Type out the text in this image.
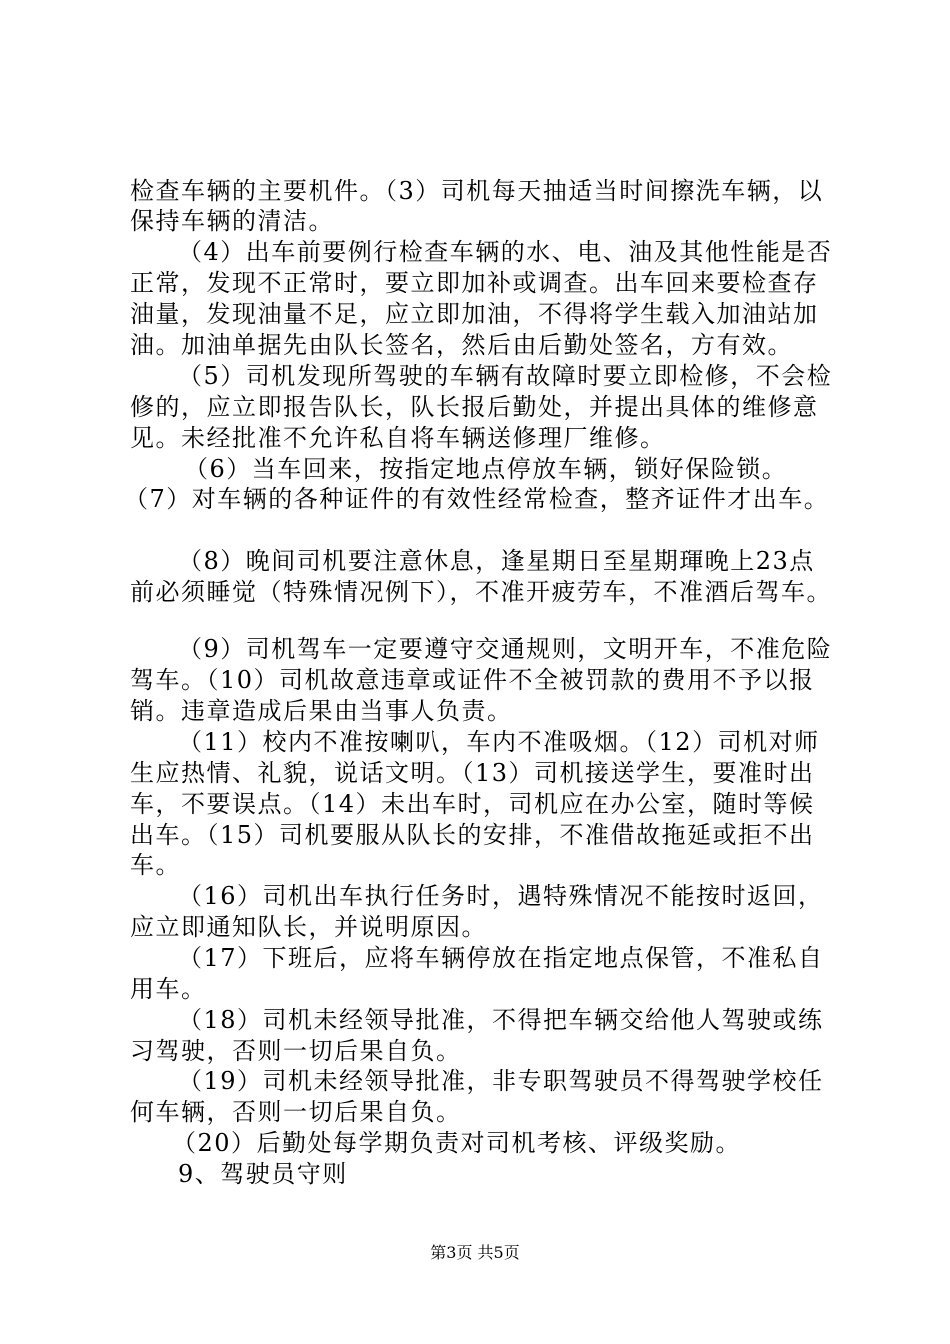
检查车辆的主要机件。（3）司机每天抽适当时间擦洗车辆，以
保持车辆的清洁。
（4）出车前要例行检查车辆的水、电、油及其他性能是否
正常，发现不正常时，要立即加补或调查。出车回来要检查存
油量，发现油量不足，应立即加油，不得将学生载入加油站加
油。加油单据先由队长签名，然后由后勤处签名，方有效。
（5）司机发现所驾驶的车辆有故障时要立即检修，不会检
修的，应立即报告队长，队长报后勤处，并提出具体的维修意
见。未经批准不允许私自将车辆送修理厂维修。
（6）当车回来，按指定地点停放车辆，锁好保险锁。
（7）对车辆的各种证件的有效性经常检查，整齐证件才出车。
（8）晚间司机要注意休息，逢星期日至星期琿晚上23点
前必须睡觉（特殊情况例下），不准开疲劳车，不准酒后驾车。
（9）司机驾车一定要遵守交通规则，文明开车，不准危险
驾车。（10）司机故意违章或证件不全被罚款的费用不予以报
销。违章造成后果由当事人负责。
（11）校内不准按喇叭，车内不准吸烟。（12）司机对师
生应热情、礼貌，说话文明。（13）司机接送学生，要准时出
车，不要误点。（14）未出车时，司机应在办公室，随时等候
出车。（15）司机要服从队长的安排，不准借故拖延或拒不出
车。
（16）司机出车执行任务时，遇特殊情况不能按时返回，
应立即通知队长，并说明原因。
（17）下班后，应将车辆停放在指定地点保管，不准私自
用车。
（18）司机未经领导批准，不得把车辆交给他人驾驶或练
习驾驶，否则一切后果自负。
（19）司机未经领导批准，非专职驾驶员不得驾驶学校任
何车辆，否则一切后果自负。
（20）后勤处每学期负责对司机考核、评级奖励。
9、驾驶员守则
第3页 共5页
